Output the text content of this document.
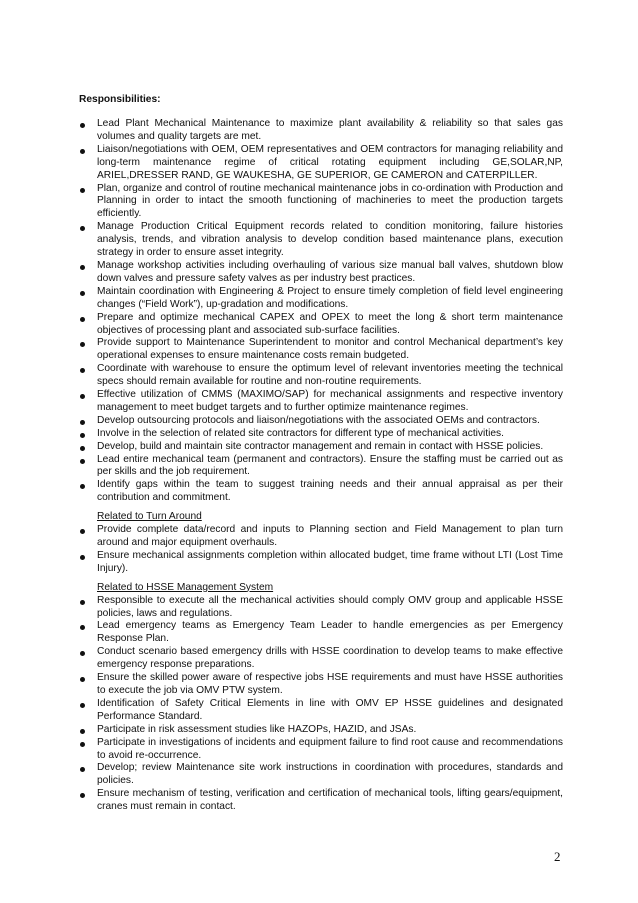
Responsibilities:
Lead Plant Mechanical Maintenance to maximize plant availability & reliability so that sales gas volumes and quality targets are met.
Liaison/negotiations with OEM, OEM representatives and OEM contractors for managing reliability and long-term maintenance regime of critical rotating equipment including GE,SOLAR,NP, ARIEL,DRESSER RAND, GE WAUKESHA, GE SUPERIOR, GE CAMERON and CATERPILLER.
Plan, organize and control of routine mechanical maintenance jobs in co-ordination with Production and Planning in order to intact the smooth functioning of machineries to meet the production targets efficiently.
Manage Production Critical Equipment records related to condition monitoring, failure histories analysis, trends, and vibration analysis to develop condition based maintenance plans, execution strategy in order to ensure asset integrity.
Manage workshop activities including overhauling of various size manual ball valves, shutdown blow down valves and pressure safety valves as per industry best practices.
Maintain coordination with Engineering & Project to ensure timely completion of field level engineering changes (“Field Work”), up-gradation and modifications.
Prepare and optimize mechanical CAPEX and OPEX to meet the long & short term maintenance objectives of processing plant and associated sub-surface facilities.
Provide support to Maintenance Superintendent to monitor and control Mechanical department’s key operational expenses to ensure maintenance costs remain budgeted.
Coordinate with warehouse to ensure the optimum level of relevant inventories meeting the technical specs should remain available for routine and non-routine requirements.
Effective utilization of CMMS (MAXIMO/SAP) for mechanical assignments and respective inventory management to meet budget targets and to further optimize maintenance regimes.
Develop outsourcing protocols and liaison/negotiations with the associated OEMs and contractors.
Involve in the selection of related site contractors for different type of mechanical activities.
Develop, build and maintain site contractor management and remain in contact with HSSE policies.
Lead entire mechanical team (permanent and contractors). Ensure the staffing must be carried out as per skills and the job requirement.
Identify gaps within the team to suggest training needs and their annual appraisal as per their contribution and commitment.
Related to Turn Around
Provide complete data/record and inputs to Planning section and Field Management to plan turn around and major equipment overhauls.
Ensure mechanical assignments completion within allocated budget, time frame without LTI (Lost Time Injury).
Related to HSSE Management System
Responsible to execute all the mechanical activities should comply OMV group and applicable HSSE policies, laws and regulations.
Lead emergency teams as Emergency Team Leader to handle emergencies as per Emergency Response Plan.
Conduct scenario based emergency drills with HSSE coordination to develop teams to make effective emergency response preparations.
Ensure the skilled power aware of respective jobs HSE requirements and must have HSSE authorities to execute the job via OMV PTW system.
Identification of Safety Critical Elements in line with OMV EP HSSE guidelines and designated Performance Standard.
Participate in risk assessment studies like HAZOPs, HAZID, and JSAs.
Participate in investigations of incidents and equipment failure to find root cause and recommendations to avoid re-occurrence.
Develop; review Maintenance site work instructions in coordination with procedures, standards and policies.
Ensure mechanism of testing, verification and certification of mechanical tools, lifting gears/equipment, cranes must remain in contact.
2
